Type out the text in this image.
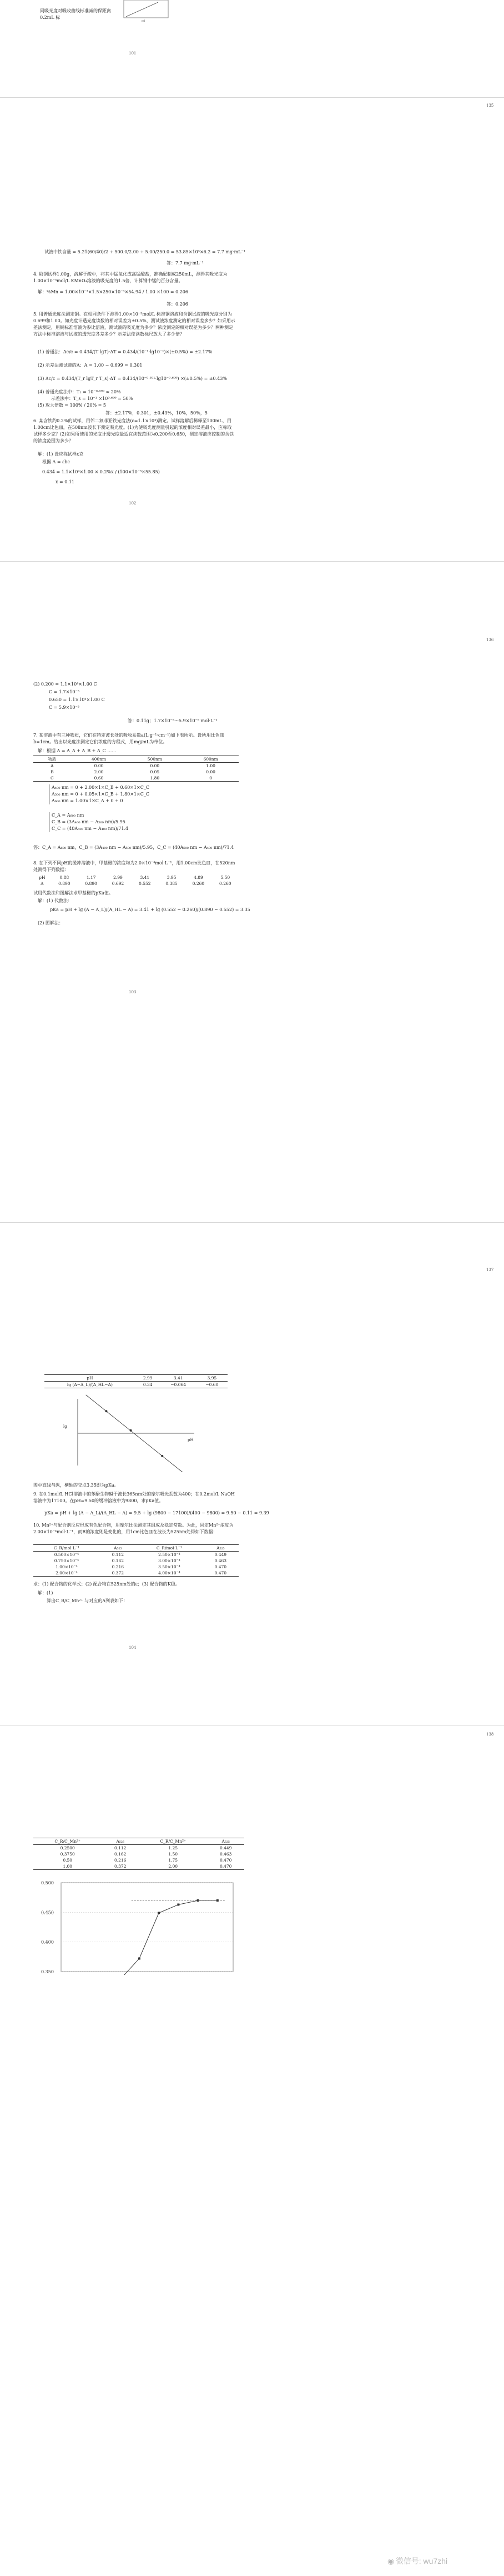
ml
同吸光度对吸收曲线标准减的保距离
0.2mL 标
101
135
试液中铁含量 = 5.21(60/40)/2 ÷ 500.0/2.00 ÷ 5.00/250.0 = 53.85×10³×6.2 = 7.7 mg·mL⁻¹
答：7.7 mg·mL⁻¹
4. 取钢试样1.00g，溶解于酸中，将其中锰氧化成高锰酸盐，准确配制成250mL，测得其吸光度为1.00×10⁻³mol/L KMnO₄溶液的吸光度的1.5倍，计算钢中锰的百分含量。
解：%Mn = 1.00×10⁻³×1.5×250×10⁻³×54.94 / 1.00 ×100 = 0.206
答：0.206
5. 用普通光度法测定铜。在相同条件下测得1.00×10⁻³mol/L 标准铜溶液和含铜试液的吸光度分别为0.699和1.00。如光度计透光度读数的相对误差为±0.5%，测试液浓度测定的相对误差多少？如采用示差法测定，用铜标准溶液为参比溶液，测试液的吸光度为多少？浓度测定的相对误差为多少？两种测定方法中标准溶液与试液的透光度各差多少？示差法使读数标尺放大了多少倍？
(1) 普通法：Δc/c = 0.434/(T lgT)·ΔT = 0.434/(10⁻¹·lg10⁻¹)×(±0.5%) = ±2.17%
(2) 示差法测试液的A：A = 1.00 − 0.699 = 0.301
(3) Δc/c = 0.434/(T_r lgT_r T_s)·ΔT = 0.434/(10⁻⁰·³⁰¹·lg10⁻⁰·⁶⁹⁹) ×(±0.5%) = ±0.43%
(4) 普通光度法中：T₁ = 10⁻⁰·⁶⁹⁹ ≈ 20%
示差法中：T_s = 10⁻¹ ×10⁰·⁶⁹⁹ = 50%
(5) 放大倍数 = 100% / 20% = 5
答：±2.17%，0.301，±0.43%，10%，50%，5
6. 某含铁约0.2%的试样，用邻二氮菲亚铁光度法(ε=1.1×10⁴)测定。试样溶解后稀释至100mL，用1.00cm比色皿，在508nm波长下测定吸光度。(1)为使吸光度测量引起的浓度相对误差最小，应称取试样多少克？(2)如果所使用的光度计透光度最适宜读数范围为0.200至0.650，测定溶液应控制的含铁的浓度范围为多少？
解：(1) 设应称试样x克
根据 A = εbc
0.434 = 1.1×10⁴×1.00 × 0.2%x / (100×10⁻³×55.85)
x = 0.11
102
136
(2) 0.200 = 1.1×10⁴×1.00 C
C = 1.7×10⁻⁵
0.650 = 1.1×10⁴×1.00 C
C = 5.9×10⁻⁵
答：0.11g；1.7×10⁻⁵～5.9×10⁻⁵ mol·L⁻¹
7. 某溶液中有三种物质，它们在特定波长处的吸收系数a(L·g⁻¹·cm⁻¹)如下表所示。设所用比色皿b=1cm。给出以光度法测定它们浓度的方程式，用mg/mL为单位。
解：根据 A = A_A + A_B + A_C ……
物质	400nm	500nm	600nm
A	0.00	0.00	1.00
B	2.00	0.05	0.00
C	0.60	1.80	0
A₄₀₀ nm = 0 + 2.00×1×C_B + 0.60×1×C_C
A₅₀₀ nm = 0 + 0.05×1×C_B + 1.80×1×C_C
A₆₀₀ nm = 1.00×1×C_A + 0 + 0
C_A = A₆₀₀ nm
C_B = (3A₄₀₀ nm − A₅₀₀ nm)/5.95
C_C = (40A₅₀₀ nm − A₄₀₀ nm)/71.4
答：C_A = A₆₀₀ nm，C_B = (3A₄₀₀ nm − A₅₀₀ nm)/5.95，C_C = (40A₅₀₀ nm − A₄₀₀ nm)/71.4
8. 在下列不同pH的缓冲溶液中，甲基橙的浓度均为2.0×10⁻⁴mol·L⁻¹，用1.00cm比色皿，在520nm处测得下列数据：
pH	0.88	1.17	2.99	3.41	3.95	4.89	5.50
A	0.890	0.890	0.692	0.552	0.385	0.260	0.260
试用代数法和图解法求甲基橙的pKa值。
解：(1) 代数法：
pKa = pH + lg (A − A_L)/(A_HL − A) = 3.41 + lg (0.552 − 0.260)/(0.890 − 0.552) = 3.35
(2) 图解法：
103
137
pH	2.99	3.41	3.95
lg (A−A_L)/(A_HL−A)	0.34	−0.064	−0.60
lg
pH
图中直线与纵，横轴的交点3.35即为pKa。
9. 在0.1mol/L HCl溶液中的苯酚生物碱于波长365nm处的摩尔吸光系数为400；在0.2mol/L NaOH溶液中为17100。在pH=9.50的缓冲溶液中为9800，求pKa值。
pKa = pH + lg (A − A_L)/(A_HL − A) = 9.5 + lg (9800 − 17100)/(400 − 9800) = 9.50 − 0.11 = 9.39
10. Mn²⁺与配合剂反应形成有色配合物，用摩尔比法测定其组成及稳定常数。为此，固定Mn²⁺浓度为2.00×10⁻⁴mol·L⁻¹，而R的浓度则是变化的，用1cm比色皿在波长为525nm处得如下数据：
C_R/mol·L⁻¹	A₅₂₅	C_R/mol·L⁻¹	A₅₂₅
0.500×10⁻⁴	0.112	2.50×10⁻⁴	0.449
0.750×10⁻⁴	0.162	3.00×10⁻⁴	0.463
1.00×10⁻⁴	0.216	3.50×10⁻⁴	0.470
2.00×10⁻⁴	0.372	4.00×10⁻⁴	0.470
求：(1) 配合物的化学式；(2) 配合物在525nm处的ε；(3) 配合物的K稳。
解：(1)
算出C_R/C_Mn²⁺ 与对应的A列表如下：
104
138
C_R/C_Mn²⁺	A₅₂₅	C_R/C_Mn²⁺	A₅₂₅
0.2500	0.112	1.25	0.449
0.3750	0.162	1.50	0.463
0.50	0.216	1.75	0.470
1.00	0.372	2.00	0.470
0.500
0.450
0.400
0.350
◉ 微信号: wu7zhi
